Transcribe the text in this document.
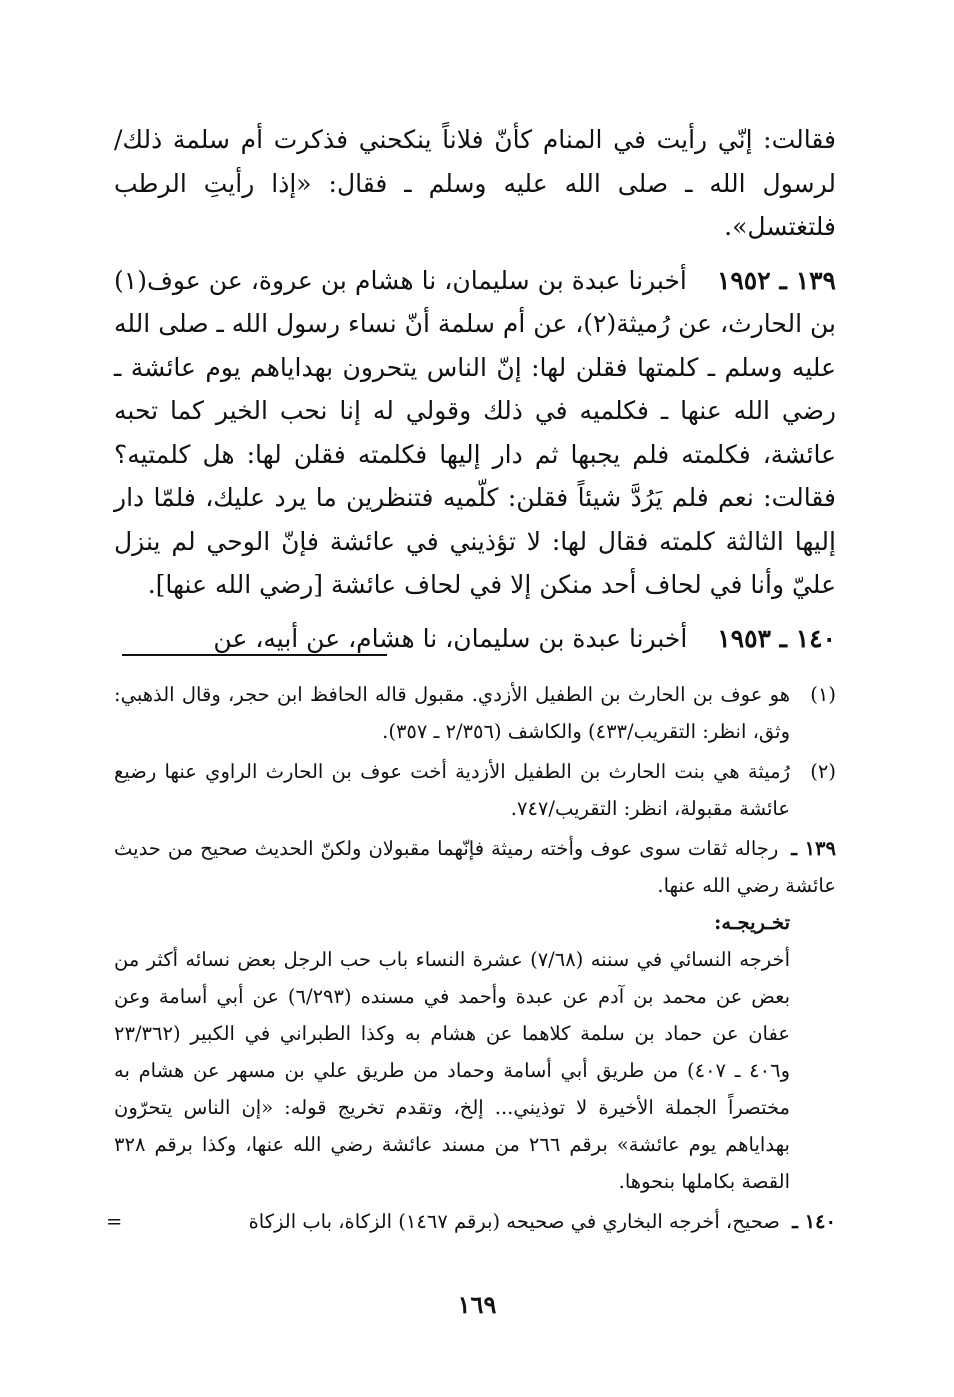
فقالت: إنّي رأيت في المنام كأنّ فلاناً ينكحني فذكرت أم سلمة ذلك/ لرسول الله ـ صلى الله عليه وسلم ـ فقال: «إذا رأيتِ الرطب فلتغتسل».

١٣٩ ـ ١٩٥٢ أخبرنا عبدة بن سليمان، نا هشام بن عروة، عن عوف(١) بن الحارث، عن رُميثة(٢)، عن أم سلمة أنّ نساء رسول الله ـ صلى الله عليه وسلم ـ كلمتها فقلن لها: إنّ الناس يتحرون بهداياهم يوم عائشة ـ رضي الله عنها ـ فكلميه في ذلك وقولي له إنا نحب الخير كما تحبه عائشة، فكلمته فلم يجبها ثم دار إليها فكلمته فقلن لها: هل كلمتيه؟ فقالت: نعم فلم يَرُدَّ شيئاً فقلن: كلّميه فتنظرين ما يرد عليك، فلمّا دار إليها الثالثة كلمته فقال لها: لا تؤذيني في عائشة فإنّ الوحي لم ينزل عليّ وأنا في لحاف أحد منكن إلا في لحاف عائشة [رضي الله عنها].

١٤٠ ـ ١٩٥٣ أخبرنا عبدة بن سليمان، نا هشام، عن أبيه، عن

(١)
هو عوف بن الحارث بن الطفيل الأزدي. مقبول قاله الحافظ ابن حجر، وقال الذهبي: وثق، انظر: التقريب/٤٣٣) والكاشف (٢/٣٥٦ ـ ٣٥٧).
(٢)
رُميثة هي بنت الحارث بن الطفيل الأزدية أخت عوف بن الحارث الراوي عنها رضيع عائشة مقبولة، انظر: التقريب/٧٤٧.
١٣٩ ـ رجاله ثقات سوى عوف وأخته رميثة فإنّهما مقبولان ولكنّ الحديث صحيح من حديث عائشة رضي الله عنها.
تخـريجـه:
أخرجه النسائي في سننه (٧/٦٨) عشرة النساء باب حب الرجل بعض نسائه أكثر من بعض عن محمد بن آدم عن عبدة وأحمد في مسنده (٦/٢٩٣) عن أبي أسامة وعن عفان عن حماد بن سلمة كلاهما عن هشام به وكذا الطبراني في الكبير (٢٣/٣٦٢ و٤٠٦ ـ ٤٠٧) من طريق أبي أسامة وحماد من طريق علي بن مسهر عن هشام به مختصراً الجملة الأخيرة لا توذيني... إلخ، وتقدم تخريج قوله: «إن الناس يتحرّون بهداياهم يوم عائشة» برقم ٢٦٦ من مسند عائشة رضي الله عنها، وكذا برقم ٣٢٨ القصة بكاملها بنحوها.
١٤٠ ـ صحيح، أخرجه البخاري في صحيحه (برقم ١٤٦٧) الزكاة، باب الزكاة
=
١٦٩
